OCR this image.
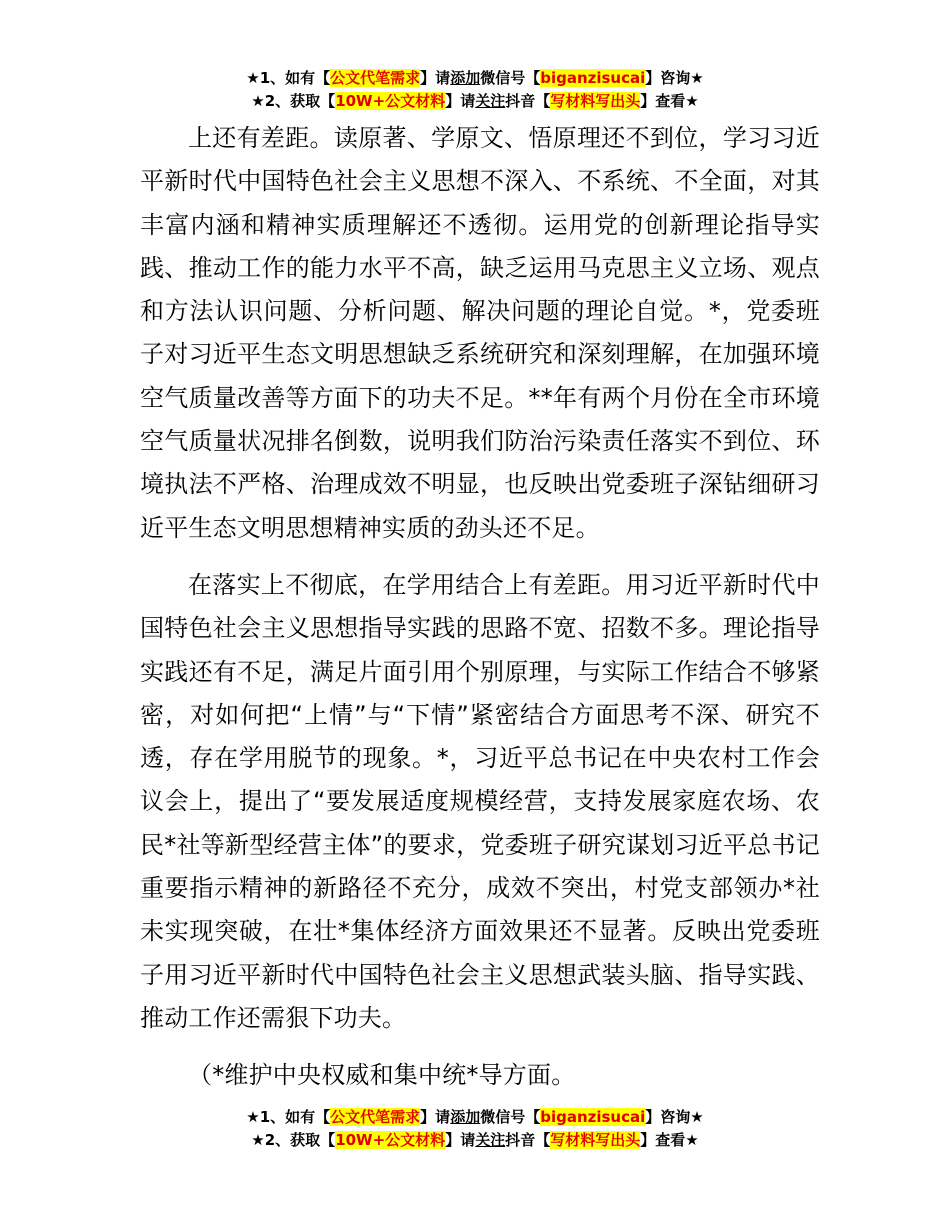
★1、如有【公文代笔需求】请添加微信号【biganzisucai】咨询★
★2、获取【10W+公文材料】请关注抖音【写材料写出头】查看★

上还有差距。读原著、学原文、悟原理还不到位，学习习近平新时代中国特色社会主义思想不深入、不系统、不全面，对其丰富内涵和精神实质理解还不透彻。运用党的创新理论指导实践、推动工作的能力水平不高，缺乏运用马克思主义立场、观点和方法认识问题、分析问题、解决问题的理论自觉。*，党委班子对习近平生态文明思想缺乏系统研究和深刻理解，在加强环境空气质量改善等方面下的功夫不足。**年有两个月份在全市环境空气质量状况排名倒数，说明我们防治污染责任落实不到位、环境执法不严格、治理成效不明显，也反映出党委班子深钻细研习近平生态文明思想精神实质的劲头还不足。

在落实上不彻底，在学用结合上有差距。用习近平新时代中国特色社会主义思想指导实践的思路不宽、招数不多。理论指导实践还有不足，满足片面引用个别原理，与实际工作结合不够紧密，对如何把“上情”与“下情”紧密结合方面思考不深、研究不透，存在学用脱节的现象。*，习近平总书记在中央农村工作会议会上，提出了“要发展适度规模经营，支持发展家庭农场、农民*社等新型经营主体”的要求，党委班子研究谋划习近平总书记重要指示精神的新路径不充分，成效不突出，村党支部领办*社未实现突破，在壮*集体经济方面效果还不显著。反映出党委班子用习近平新时代中国特色社会主义思想武装头脑、指导实践、推动工作还需狠下功夫。

（*维护中央权威和集中统*导方面。

★1、如有【公文代笔需求】请添加微信号【biganzisucai】咨询★
★2、获取【10W+公文材料】请关注抖音【写材料写出头】查看★
